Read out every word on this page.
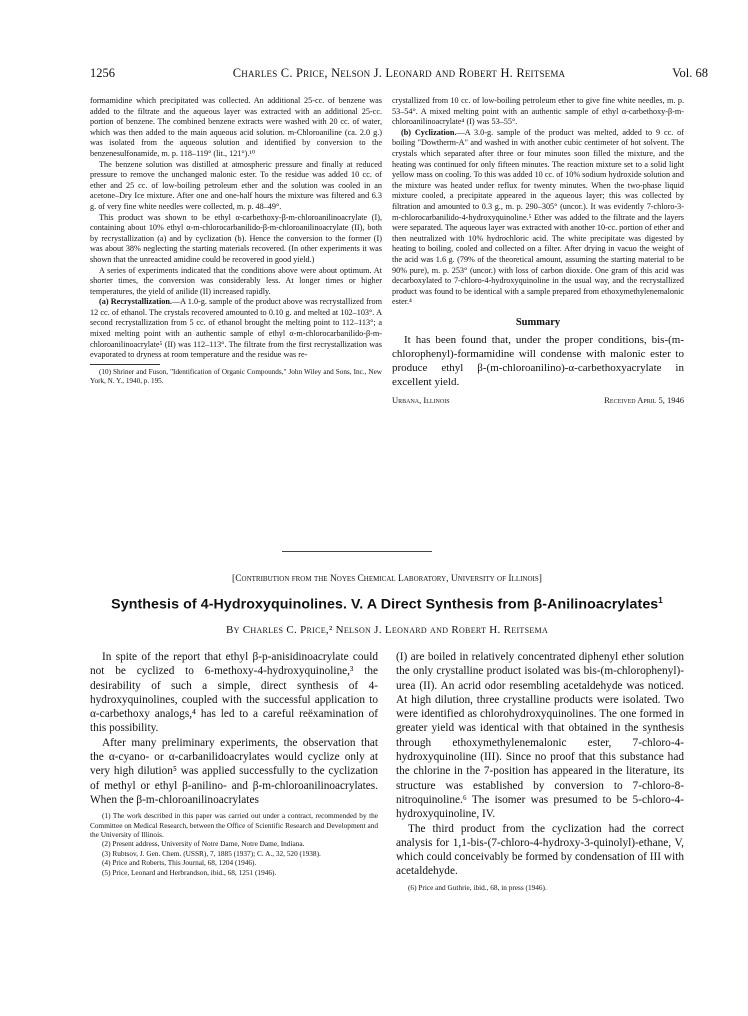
1256	Charles C. Price, Nelson J. Leonard and Robert H. Reitsema	Vol. 68

formamidine which precipitated was collected. An additional 25-cc. of benzene was added to the filtrate and the aqueous layer was extracted with an additional 25-cc. portion of benzene. The combined benzene extracts were washed with 20 cc. of water, which was then added to the main aqueous acid solution. m-Chloroaniline (ca. 2.0 g.) was isolated from the aqueous solution and identified by conversion to the benzenesulfonamide, m. p. 118–119° (lit., 121°).¹⁰

The benzene solution was distilled at atmospheric pressure and finally at reduced pressure to remove the unchanged malonic ester. To the residue was added 10 cc. of ether and 25 cc. of low-boiling petroleum ether and the solution was cooled in an acetone–Dry Ice mixture. After one and one-half hours the mixture was filtered and 6.3 g. of very fine white needles were collected, m. p. 48–49°.

This product was shown to be ethyl α-carbethoxy-β-m-chloroanilinoacrylate (I), containing about 10% ethyl α-m-chlorocarbanilido-β-m-chloroanilinoacrylate (II), both by recrystallization (a) and by cyclization (b). Hence the conversion to the former (I) was about 38% neglecting the starting materials recovered. (In other experiments it was shown that the unreacted amidine could be recovered in good yield.)

A series of experiments indicated that the conditions above were about optimum. At shorter times, the conversion was considerably less. At longer times or higher temperatures, the yield of anilide (II) increased rapidly.

(a) Recrystallization.—A 1.0-g. sample of the product above was recrystallized from 12 cc. of ethanol. The crystals recovered amounted to 0.10 g. and melted at 102–103°. A second recrystallization from 5 cc. of ethanol brought the melting point to 112–113°; a mixed melting point with an authentic sample of ethyl α-m-chlorocarbanilido-β-m-chloroanilinoacrylate⁵ (II) was 112–113°. The filtrate from the first recrystallization was evaporated to dryness at room temperature and the residue was re-

(10) Shriner and Fuson, "Identification of Organic Compounds," John Wiley and Sons, Inc., New York, N. Y., 1940, p. 195.

crystallized from 10 cc. of low-boiling petroleum ether to give fine white needles, m. p. 53–54°. A mixed melting point with an authentic sample of ethyl α-carbethoxy-β-m-chloroanilinoacrylate⁴ (I) was 53–55°.

(b) Cyclization.—A 3.0-g. sample of the product was melted, added to 9 cc. of boiling "Dowtherm-A" and washed in with another cubic centimeter of hot solvent. The crystals which separated after three or four minutes soon filled the mixture, and the heating was continued for only fifteen minutes. The reaction mixture set to a solid light yellow mass on cooling. To this was added 10 cc. of 10% sodium hydroxide solution and the mixture was heated under reflux for twenty minutes. When the two-phase liquid mixture cooled, a precipitate appeared in the aqueous layer; this was collected by filtration and amounted to 0.3 g., m. p. 290–305° (uncor.). It was evidently 7-chloro-3-m-chlorocarbanilido-4-hydroxyquinoline.⁵ Ether was added to the filtrate and the layers were separated. The aqueous layer was extracted with another 10-cc. portion of ether and then neutralized with 10% hydrochloric acid. The white precipitate was digested by heating to boiling, cooled and collected on a filter. After drying in vacuo the weight of the acid was 1.6 g. (79% of the theoretical amount, assuming the starting material to be 90% pure), m. p. 253° (uncor.) with loss of carbon dioxide. One gram of this acid was decarboxylated to 7-chloro-4-hydroxyquinoline in the usual way, and the recrystallized product was found to be identical with a sample prepared from ethoxymethylenemalonic ester.⁴

Summary

It has been found that, under the proper conditions, bis-(m-chlorophenyl)-formamidine will condense with malonic ester to produce ethyl β-(m-chloroanilino)-α-carbethoxyacrylate in excellent yield.

Urbana, Illinois	Received April 5, 1946
[Contribution from the Noyes Chemical Laboratory, University of Illinois]
Synthesis of 4-Hydroxyquinolines. V. A Direct Synthesis from β-Anilinoacrylates$^1$
By Charles C. Price,² Nelson J. Leonard and Robert H. Reitsema

In spite of the report that ethyl β-p-anisidinoacrylate could not be cyclized to 6-methoxy-4-hydroxyquinoline,³ the desirability of such a simple, direct synthesis of 4-hydroxyquinolines, coupled with the successful application to α-carbethoxy analogs,⁴ has led to a careful reëxamination of this possibility.

After many preliminary experiments, the observation that the α-cyano- or α-carbanilidoacrylates would cyclize only at very high dilution⁵ was applied successfully to the cyclization of methyl or ethyl β-anilino- and β-m-chloroanilinoacrylates. When the β-m-chloroanilinoacrylates

(1) The work described in this paper was carried out under a contract, recommended by the Committee on Medical Research, between the Office of Scientific Research and Development and the University of Illinois.

(2) Present address, University of Notre Dame, Notre Dame, Indiana.

(3) Rubtsov, J. Gen. Chem. (USSR), 7, 1885 (1937); C. A., 32, 520 (1938).

(4) Price and Roberts, This Journal, 68, 1204 (1946).

(5) Price, Leonard and Herbrandson, ibid., 68, 1251 (1946).

(I) are boiled in relatively concentrated diphenyl ether solution the only crystalline product isolated was bis-(m-chlorophenyl)-urea (II). An acrid odor resembling acetaldehyde was noticed. At high dilution, three crystalline products were isolated. Two were identified as chlorohydroxyquinolines. The one formed in greater yield was identical with that obtained in the synthesis through ethoxymethylenemalonic ester, 7-chloro-4-hydroxyquinoline (III). Since no proof that this substance had the chlorine in the 7-position has appeared in the literature, its structure was established by conversion to 7-chloro-8-nitroquinoline.⁶ The isomer was presumed to be 5-chloro-4-hydroxyquinoline, IV.

The third product from the cyclization had the correct analysis for 1,1-bis-(7-chloro-4-hydroxy-3-quinolyl)-ethane, V, which could conceivably be formed by condensation of III with acetaldehyde.

(6) Price and Guthrie, ibid., 68, in press (1946).
